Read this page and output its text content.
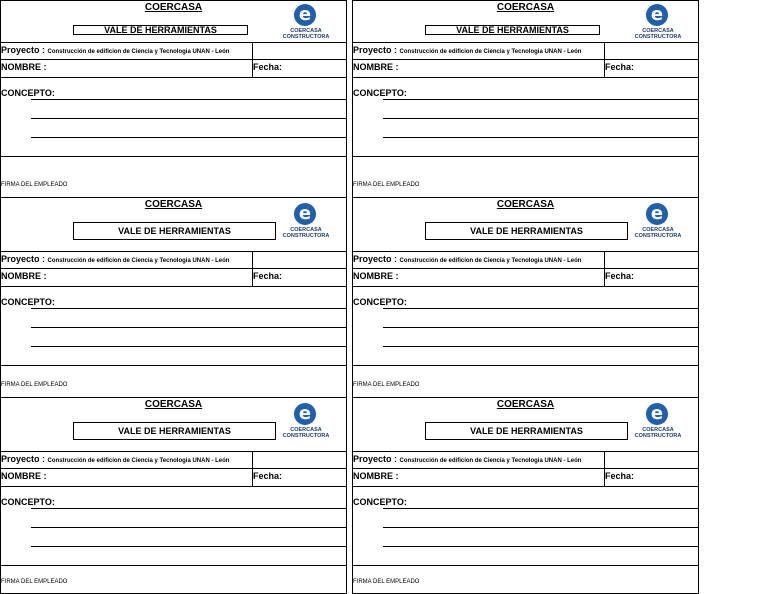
COERCASA
VALE DE HERRAMIENTAS
e
COERCASA
CONSTRUCTORA
Proyecto : Construcción de edificion de Ciencia y Tecnologia UNAN - León
NOMBRE :	Fecha:
CONCEPTO:
FIRMA DEL EMPLEADO
COERCASA
VALE DE HERRAMIENTAS
e
COERCASA
CONSTRUCTORA
Proyecto : Construcción de edificion de Ciencia y Tecnologia UNAN - León
NOMBRE :	Fecha:
CONCEPTO:
FIRMA DEL EMPLEADO
COERCASA
VALE DE HERRAMIENTAS
e
COERCASA
CONSTRUCTORA
Proyecto : Construcción de edificion de Ciencia y Tecnologia UNAN - León
NOMBRE :	Fecha:
CONCEPTO:
FIRMA DEL EMPLEADO
COERCASA
VALE DE HERRAMIENTAS
e
COERCASA
CONSTRUCTORA
Proyecto : Construcción de edificion de Ciencia y Tecnologia UNAN - León
NOMBRE :	Fecha:
CONCEPTO:
FIRMA DEL EMPLEADO
COERCASA
VALE DE HERRAMIENTAS
e
COERCASA
CONSTRUCTORA
Proyecto : Construcción de edificion de Ciencia y Tecnologia UNAN - León
NOMBRE :	Fecha:
CONCEPTO:
FIRMA DEL EMPLEADO
COERCASA
VALE DE HERRAMIENTAS
e
COERCASA
CONSTRUCTORA
Proyecto : Construcción de edificion de Ciencia y Tecnologia UNAN - León
NOMBRE :	Fecha:
CONCEPTO:
FIRMA DEL EMPLEADO
